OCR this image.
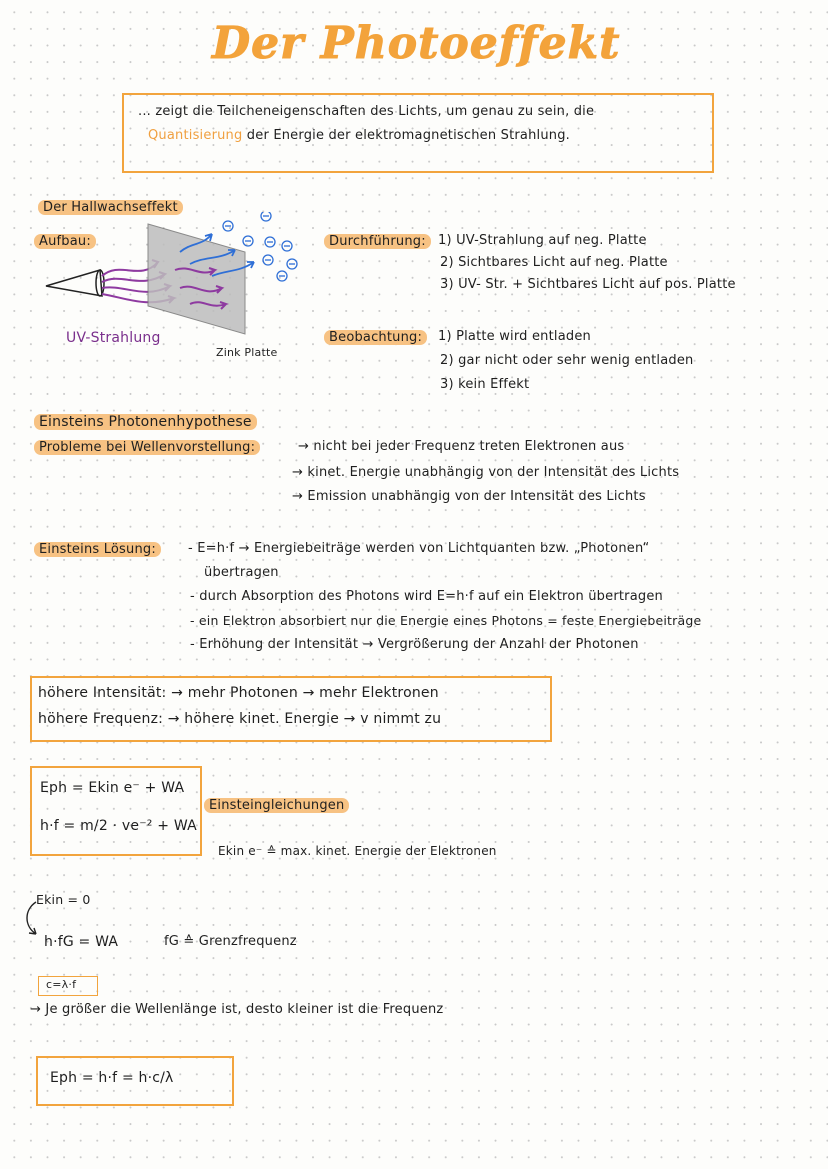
Der Photoeffekt
... zeigt die Teilcheneigenschaften des Lichts, um genau zu sein, die
Quantisierung der Energie der elektromagnetischen Strahlung.
Der Hallwachseffekt
Aufbau:
UV-Strahlung
Zink Platte
Durchführung: 1) UV-Strahlung auf neg. Platte
2) Sichtbares Licht auf neg. Platte
3) UV- Str. + Sichtbares Licht auf pos. Platte
Beobachtung:	1) Platte wird entladen
2) gar nicht oder sehr wenig entladen
3) kein Effekt
Einsteins Photonenhypothese
Probleme bei Wellenvorstellung:	→ nicht bei jeder Frequenz treten Elektronen aus
→ kinet. Energie unabhängig von der Intensität des Lichts
→ Emission unabhängig von der Intensität des Lichts
Einsteins Lösung:	- E=h·f → Energiebeiträge werden von Lichtquanten bzw. „Photonen“
übertragen
- durch Absorption des Photons wird E=h·f auf ein Elektron übertragen
- ein Elektron absorbiert nur die Energie eines Photons = feste Energiebeiträge
- Erhöhung der Intensität → Vergrößerung der Anzahl der Photonen
höhere Intensität: → mehr Photonen → mehr Elektronen
höhere Frequenz: → höhere kinet. Energie → v nimmt zu
Eph = Ekin e⁻ + WA
h·f = m/2 · ve⁻² + WA
Einsteingleichungen
Ekin e⁻ ≙ max. kinet. Energie der Elektronen
Ekin = 0
h·fG = WA	fG ≙ Grenzfrequenz
c=λ·f
→ Je größer die Wellenlänge ist, desto kleiner ist die Frequenz
Eph = h·f = h·c/λ
